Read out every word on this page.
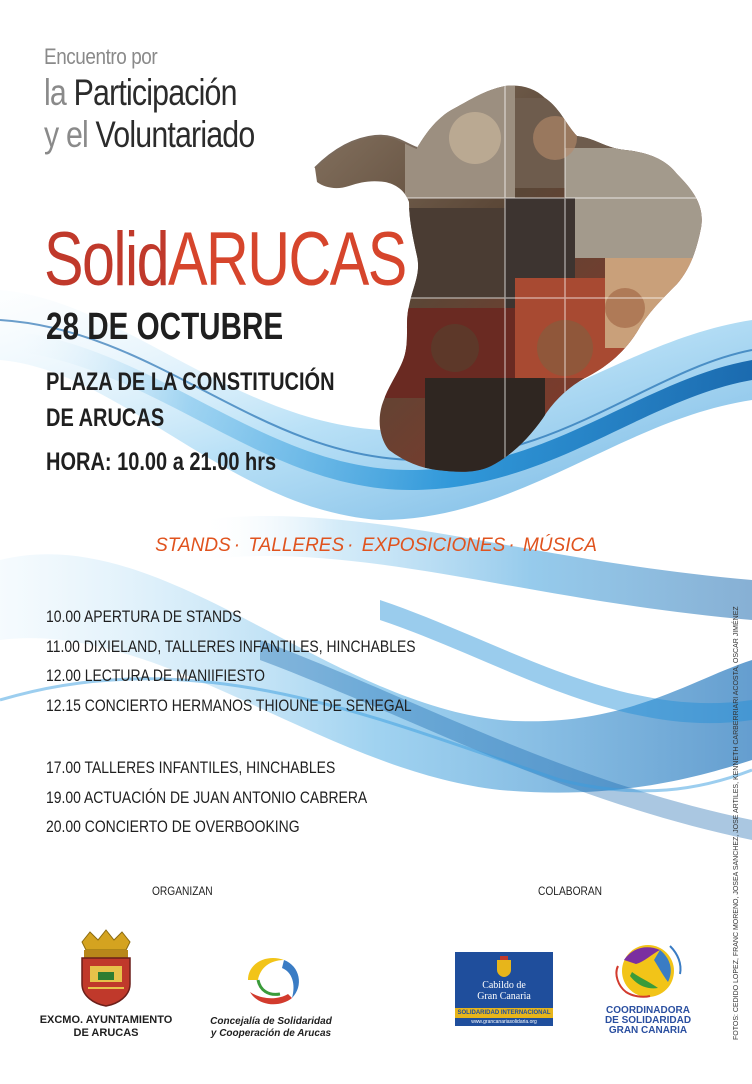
Encuentro por
la Participación
y el Voluntariado
SolidARUCAS
28 DE OCTUBRE
PLAZA DE LA CONSTITUCIÓN
DE ARUCAS
HORA: 10.00 a 21.00 hrs
STANDS · TALLERES · EXPOSICIONES · MÚSICA
10.00 APERTURA DE STANDS
11.00 DIXIELAND, TALLERES INFANTILES, HINCHABLES
12.00 LECTURA DE MANIIFIESTO
12.15 CONCIERTO HERMANOS THIOUNE DE SENEGAL
17.00 TALLERES INFANTILES, HINCHABLES
19.00 ACTUACIÓN DE JUAN ANTONIO CABRERA
20.00 CONCIERTO DE OVERBOOKING
ORGANIZAN	COLABORAN
EXCMO. AYUNTAMIENTO
DE ARUCAS
Concejalía de Solidaridad
y Cooperación de Arucas
Cabildo de
Gran Canaria
SOLIDARIDAD INTERNACIONAL
www.grancanariasolidaria.org
COORDINADORA
DE SOLIDARIDAD
GRAN CANARIA	FOTOS: CEDIDO LOPEZ, FRANC MORENO, JOSEA SANCHEZ, JOSE ARTILES, KENNETH CARBERRIARI ACOSTA, OSCAR JIMÉNEZ
